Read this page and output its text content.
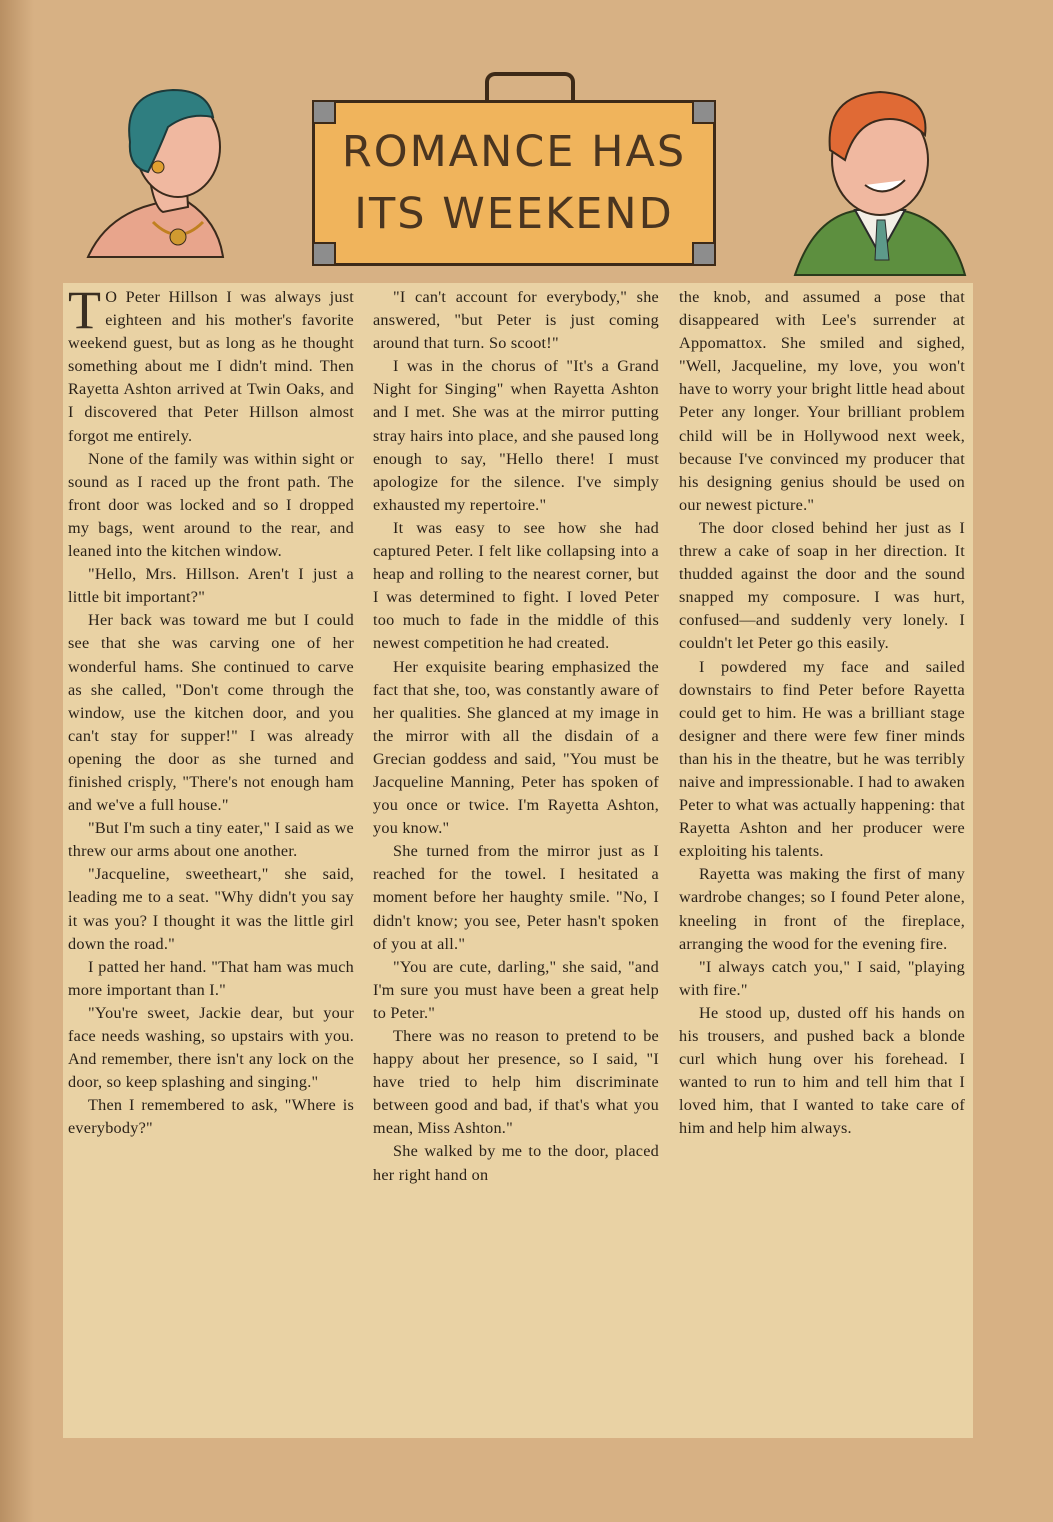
ROMANCE HAS
ITS WEEKEND

T O Peter Hillson I was always just eighteen and his mother's favorite weekend guest, but as long as he thought something about me I didn't mind. Then Rayetta Ashton arrived at Twin Oaks, and I discovered that Peter Hillson almost forgot me entirely.

None of the family was within sight or sound as I raced up the front path. The front door was locked and so I dropped my bags, went around to the rear, and leaned into the kitchen window.

"Hello, Mrs. Hillson. Aren't I just a little bit important?"

Her back was toward me but I could see that she was carving one of her wonderful hams. She continued to carve as she called, "Don't come through the window, use the kitchen door, and you can't stay for supper!" I was already opening the door as she turned and finished crisply, "There's not enough ham and we've a full house."

"But I'm such a tiny eater," I said as we threw our arms about one another.

"Jacqueline, sweetheart," she said, leading me to a seat. "Why didn't you say it was you? I thought it was the little girl down the road."

I patted her hand. "That ham was much more important than I."

"You're sweet, Jackie dear, but your face needs washing, so upstairs with you. And remember, there isn't any lock on the door, so keep splashing and singing."

Then I remembered to ask, "Where is everybody?"

"I can't account for everybody," she answered, "but Peter is just coming around that turn. So scoot!"

I was in the chorus of "It's a Grand Night for Singing" when Rayetta Ashton and I met. She was at the mirror putting stray hairs into place, and she paused long enough to say, "Hello there! I must apologize for the silence. I've simply exhausted my repertoire."

It was easy to see how she had captured Peter. I felt like collapsing into a heap and rolling to the nearest corner, but I was determined to fight. I loved Peter too much to fade in the middle of this newest competition he had created.

Her exquisite bearing emphasized the fact that she, too, was constantly aware of her qualities. She glanced at my image in the mirror with all the disdain of a Grecian goddess and said, "You must be Jacqueline Manning, Peter has spoken of you once or twice. I'm Rayetta Ashton, you know."

She turned from the mirror just as I reached for the towel. I hesitated a moment before her haughty smile. "No, I didn't know; you see, Peter hasn't spoken of you at all."

"You are cute, darling," she said, "and I'm sure you must have been a great help to Peter."

There was no reason to pretend to be happy about her presence, so I said, "I have tried to help him discriminate between good and bad, if that's what you mean, Miss Ashton."

She walked by me to the door, placed her right hand on

the knob, and assumed a pose that disappeared with Lee's surrender at Appomattox. She smiled and sighed, "Well, Jacqueline, my love, you won't have to worry your bright little head about Peter any longer. Your brilliant problem child will be in Hollywood next week, because I've convinced my producer that his designing genius should be used on our newest picture."

The door closed behind her just as I threw a cake of soap in her direction. It thudded against the door and the sound snapped my composure. I was hurt, confused—and suddenly very lonely. I couldn't let Peter go this easily.

I powdered my face and sailed downstairs to find Peter before Rayetta could get to him. He was a brilliant stage designer and there were few finer minds than his in the theatre, but he was terribly naive and impressionable. I had to awaken Peter to what was actually happening: that Rayetta Ashton and her producer were exploiting his talents.

Rayetta was making the first of many wardrobe changes; so I found Peter alone, kneeling in front of the fireplace, arranging the wood for the evening fire.

"I always catch you," I said, "playing with fire."

He stood up, dusted off his hands on his trousers, and pushed back a blonde curl which hung over his forehead. I wanted to run to him and tell him that I loved him, that I wanted to take care of him and help him always.
